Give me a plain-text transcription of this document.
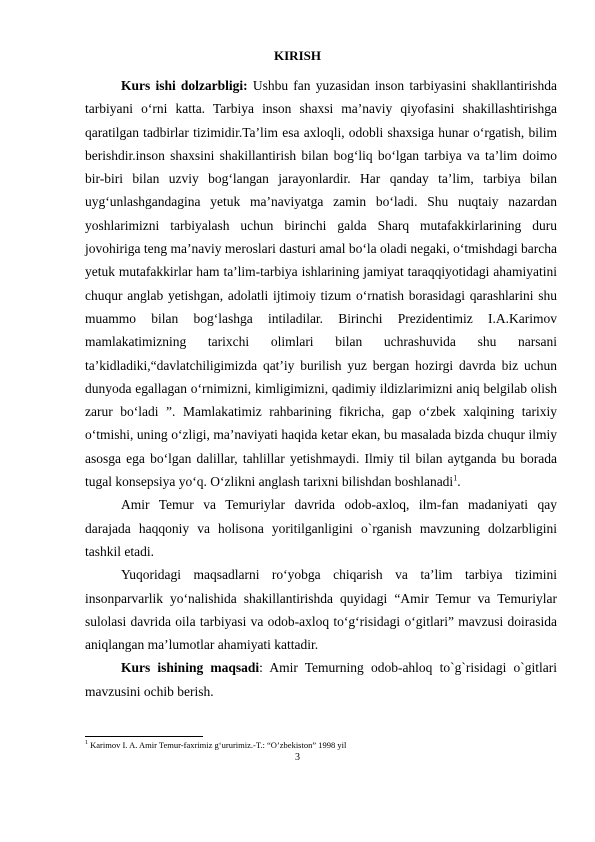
KIRISH

Kurs ishi dolzarbligi: Ushbu fan yuzasidan inson tarbiyasini shakllantirishda tarbiyani o‘rni katta. Tarbiya inson shaxsi ma’naviy qiyofasini shakillashtirishga qaratilgan tadbirlar tizimidir.Ta’lim esa axloqli, odobli shaxsiga hunar o‘rgatish, bilim berishdir.inson shaxsini shakillantirish bilan bog‘liq bo‘lgan tarbiya va ta’lim doimo bir-biri bilan uzviy bog‘langan jarayonlardir. Har qanday ta’lim, tarbiya bilan uyg‘unlashgandagina yetuk ma’naviyatga zamin bo‘ladi. Shu nuqtaiy nazardan yoshlarimizni tarbiyalash uchun birinchi galda Sharq mutafakkirlarining duru jovohiriga teng ma’naviy meroslari dasturi amal bo‘la oladi negaki, o‘tmishdagi barcha yetuk mutafakkirlar ham ta’lim-tarbiya ishlarining jamiyat taraqqiyotidagi ahamiyatini chuqur anglab yetishgan, adolatli ijtimoiy tizum o‘rnatish borasidagi qarashlarini shu muammo bilan bog‘lashga intiladilar. Birinchi Prezidentimiz I.A.Karimov mamlakatimizning tarixchi olimlari bilan uchrashuvida shu narsani ta’kidladiki,“davlatchiligimizda qat’iy burilish yuz bergan hozirgi davrda biz uchun dunyoda egallagan o‘rnimizni, kimligimizni, qadimiy ildizlarimizni aniq belgilab olish zarur bo‘ladi ”. Mamlakatimiz rahbarining fikricha, gap o‘zbek xalqining tarixiy o‘tmishi, uning o‘zligi, ma’naviyati haqida ketar ekan, bu masalada bizda chuqur ilmiy asosga ega bo‘lgan dalillar, tahlillar yetishmaydi. Ilmiy til bilan aytganda bu borada tugal konsepsiya yo‘q. O‘zlikni anglash tarixni bilishdan boshlanadi$^1$.

Amir Temur va Temuriylar davrida odob-axloq, ilm-fan madaniyati qay darajada haqqoniy va holisona yoritilganligini o`rganish mavzuning dolzarbligini tashkil etadi.

Yuqoridagi maqsadlarni ro‘yobga chiqarish va ta’lim tarbiya tizimini insonparvarlik yo‘nalishida shakillantirishda quyidagi “Amir Temur va Temuriylar sulolasi davrida oila tarbiyasi va odob-axloq to‘g‘risidagi o‘gitlari” mavzusi doirasida aniqlangan ma’lumotlar ahamiyati kattadir.

Kurs ishining maqsadi: Amir Temurning odob-ahloq to`g`risidagi o`gitlari mavzusini ochib berish.

$^1$ Karimov I. A. Amir Temur-faxrimiz g‘ururimiz.-T.: “O’zbekiston” 1998 yil
3
